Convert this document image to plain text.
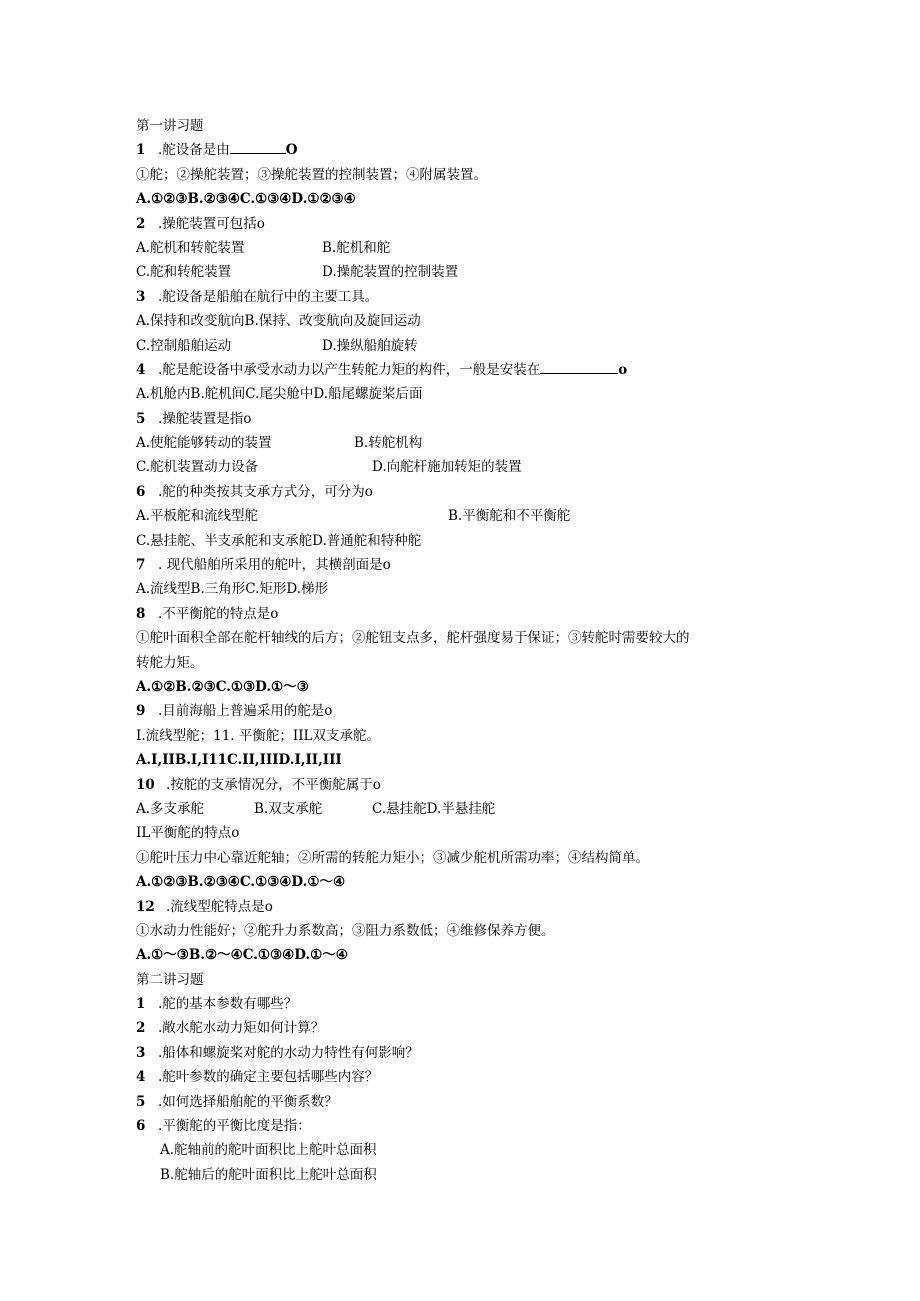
第一讲习题
1 .舵设备是由	O
①舵；②操舵装置；③操舵装置的控制装置；④附属装置。
A.①②③B.②③④C.①③④D.①②③④
2 .操舵装置可包括o
A.舵机和转舵装置	B.舵机和舵
C.舵和转舵装置	D.操舵装置的控制装置
3 .舵设备是船舶在航行中的主要工具。
A.保持和改变航向B.保持、改变航向及旋回运动
C.控制船舶运动	D.操纵船舶旋转
4 .舵是舵设备中承受水动力以产生转舵力矩的构件，一般是安装在	o
A.机舱内B.舵机间C.尾尖舱中D.船尾螺旋桨后面
5 .操舵装置是指o
A.使舵能够转动的装置	B.转舵机构
C.舵机装置动力设备	D.向舵杆施加转矩的装置
6 .舵的种类按其支承方式分，可分为o
A.平板舵和流线型舵	B.平衡舵和不平衡舵
C.悬挂舵、半支承舵和支承舵D.普通舵和特种舵
7 . 现代船舶所采用的舵叶，其横剖面是o
A.流线型B.三角形C.矩形D.梯形
8 .不平衡舵的特点是o
①舵叶面积全部在舵杆轴线的后方；②舵钮支点多，舵杆强度易于保证；③转舵时需要较大的
转舵力矩。
A.①②B.②③C.①③D.①～③
9 .目前海船上普遍采用的舵是o
I.流线型舵；11. 平衡舵；IIL双支承舵。
A.I,IIB.I,I11C.II,IIID.I,II,III
10 .按舵的支承情况分，不平衡舵属于o
A.多支承舵	B.双支承舵	C.悬挂舵D.半悬挂舵
IL平衡舵的特点o
①舵叶压力中心靠近舵轴；②所需的转舵力矩小；③减少舵机所需功率；④结构简单。
A.①②③B.②③④C.①③④D.①～④
12 .流线型舵特点是o
①水动力性能好；②舵升力系数高；③阻力系数低；④维修保养方便。
A.①～③B.②～④C.①③④D.①～④
第二讲习题
1 .舵的基本参数有哪些？
2 .敞水舵水动力矩如何计算？
3 .船体和螺旋桨对舵的水动力特性有何影响？
4 .舵叶参数的确定主要包括哪些内容？
5 .如何选择船舶舵的平衡系数？
6 .平衡舵的平衡比度是指：
A.舵轴前的舵叶面积比上舵叶总面积
B.舵轴后的舵叶面积比上舵叶总面积
